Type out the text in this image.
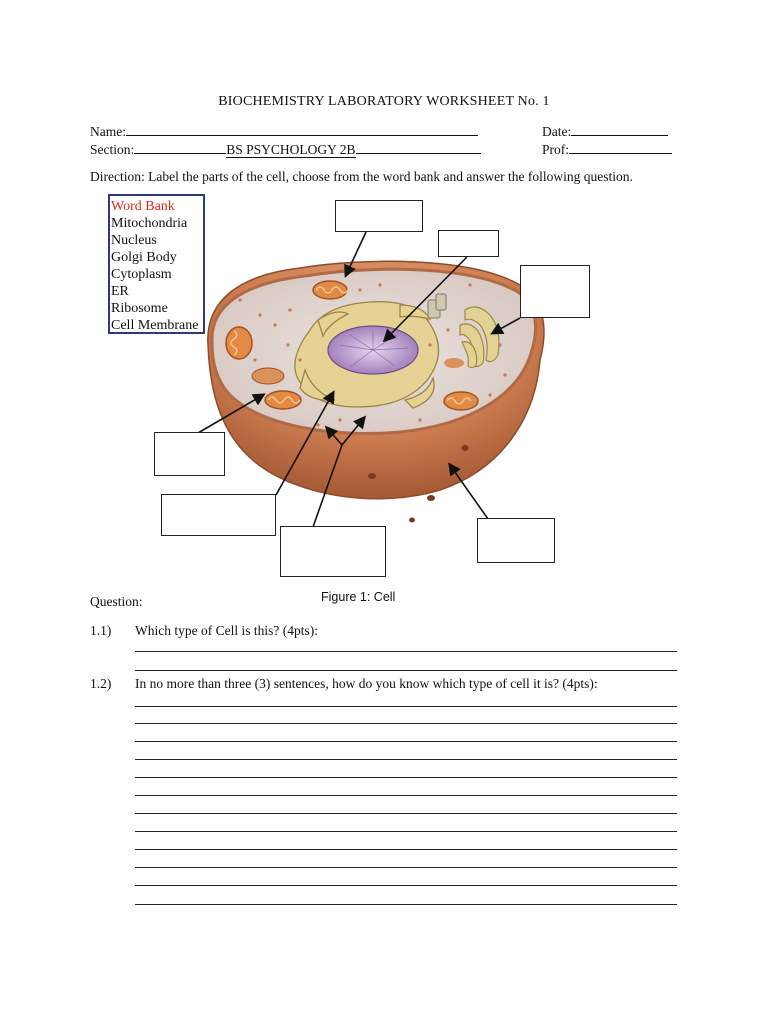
BIOCHEMISTRY LABORATORY WORKSHEET No. 1
Name:	Date:
Section:	BS PSYCHOLOGY 2B	Prof:
Direction: Label the parts of the cell, choose from the word bank and answer the following question.
Word Bank
Mitochondria
Nucleus
Golgi Body
Cytoplasm
ER
Ribosome
Cell Membrane
Figure 1: Cell
Question:
1.1) Which type of Cell is this? (4pts):
1.2) In no more than three (3) sentences, how do you know which type of cell it is? (4pts):
